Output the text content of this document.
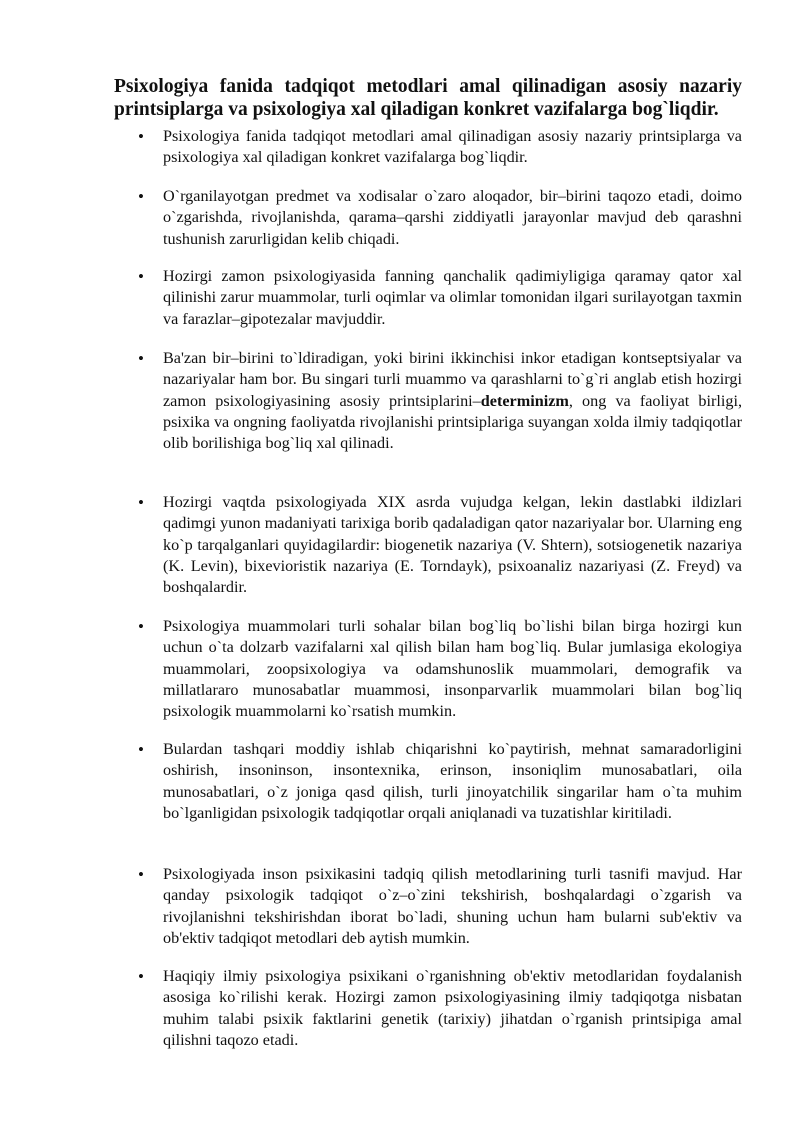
Psixologiya fanida tadqiqot metodlari amal qilinadigan asosiy nazariy printsiplarga va psixologiya xal qiladigan konkret vazifalarga bog`liqdir.
• Psixologiya fanida tadqiqot metodlari amal qilinadigan asosiy nazariy printsiplarga va psixologiya xal qiladigan konkret vazifalarga bog`liqdir.

• O`rganilayotgan predmet va xodisalar o`zaro aloqador, bir–birini taqozo etadi, doimo o`zgarishda, rivojlanishda, qarama–qarshi ziddiyatli jarayonlar mavjud deb qarashni tushunish zarurligidan kelib chiqadi.

• Hozirgi zamon psixologiyasida fanning qanchalik qadimiyligiga qaramay qator xal qilinishi zarur muammolar, turli oqimlar va olimlar tomonidan ilgari surilayotgan taxmin va farazlar–gipotezalar mavjuddir.

• Ba'zan bir–birini to`ldiradigan, yoki birini ikkinchisi inkor etadigan kontseptsiyalar va nazariyalar ham bor. Bu singari turli muammo va qarashlarni to`g`ri anglab etish hozirgi zamon psixologiyasining asosiy printsiplarini–determinizm, ong va faoliyat birligi, psixika va ongning faoliyatda rivojlanishi printsiplariga suyangan xolda ilmiy tadqiqotlar olib borilishiga bog`liq xal qilinadi.

• Hozirgi vaqtda psixologiyada XIX asrda vujudga kelgan, lekin dastlabki ildizlari qadimgi yunon madaniyati tarixiga borib qadaladigan qator nazariyalar bor. Ularning eng ko`p tarqalganlari quyidagilardir: biogenetik nazariya (V. Shtern), sotsiogenetik nazariya (K. Levin), bixevioristik nazariya (E. Torndayk), psixoanaliz nazariyasi (Z. Freyd) va boshqalardir.

• Psixologiya muammolari turli sohalar bilan bog`liq bo`lishi bilan birga hozirgi kun uchun o`ta dolzarb vazifalarni xal qilish bilan ham bog`liq. Bular jumlasiga ekologiya muammolari, zoopsixologiya va odamshunoslik muammolari, demografik va millatlararo munosabatlar muammosi, insonparvarlik muammolari bilan bog`liq psixologik muammolarni ko`rsatish mumkin.

• Bulardan tashqari moddiy ishlab chiqarishni ko`paytirish, mehnat samaradorligini oshirish, insoninson, insontexnika, erinson, insoniqlim munosabatlari, oila munosabatlari, o`z joniga qasd qilish, turli jinoyatchilik singarilar ham o`ta muhim bo`lganligidan psixologik tadqiqotlar orqali aniqlanadi va tuzatishlar kiritiladi.

• Psixologiyada inson psixikasini tadqiq qilish metodlarining turli tasnifi mavjud. Har qanday psixologik tadqiqot o`z–o`zini tekshirish, boshqalardagi o`zgarish va rivojlanishni tekshirishdan iborat bo`ladi, shuning uchun ham bularni sub'ektiv va ob'ektiv tadqiqot metodlari deb aytish mumkin.

• Haqiqiy ilmiy psixologiya psixikani o`rganishning ob'ektiv metodlaridan foydalanish asosiga ko`rilishi kerak. Hozirgi zamon psixologiyasining ilmiy tadqiqotga nisbatan muhim talabi psixik faktlarini genetik (tarixiy) jihatdan o`rganish printsipiga amal qilishni taqozo etadi.
